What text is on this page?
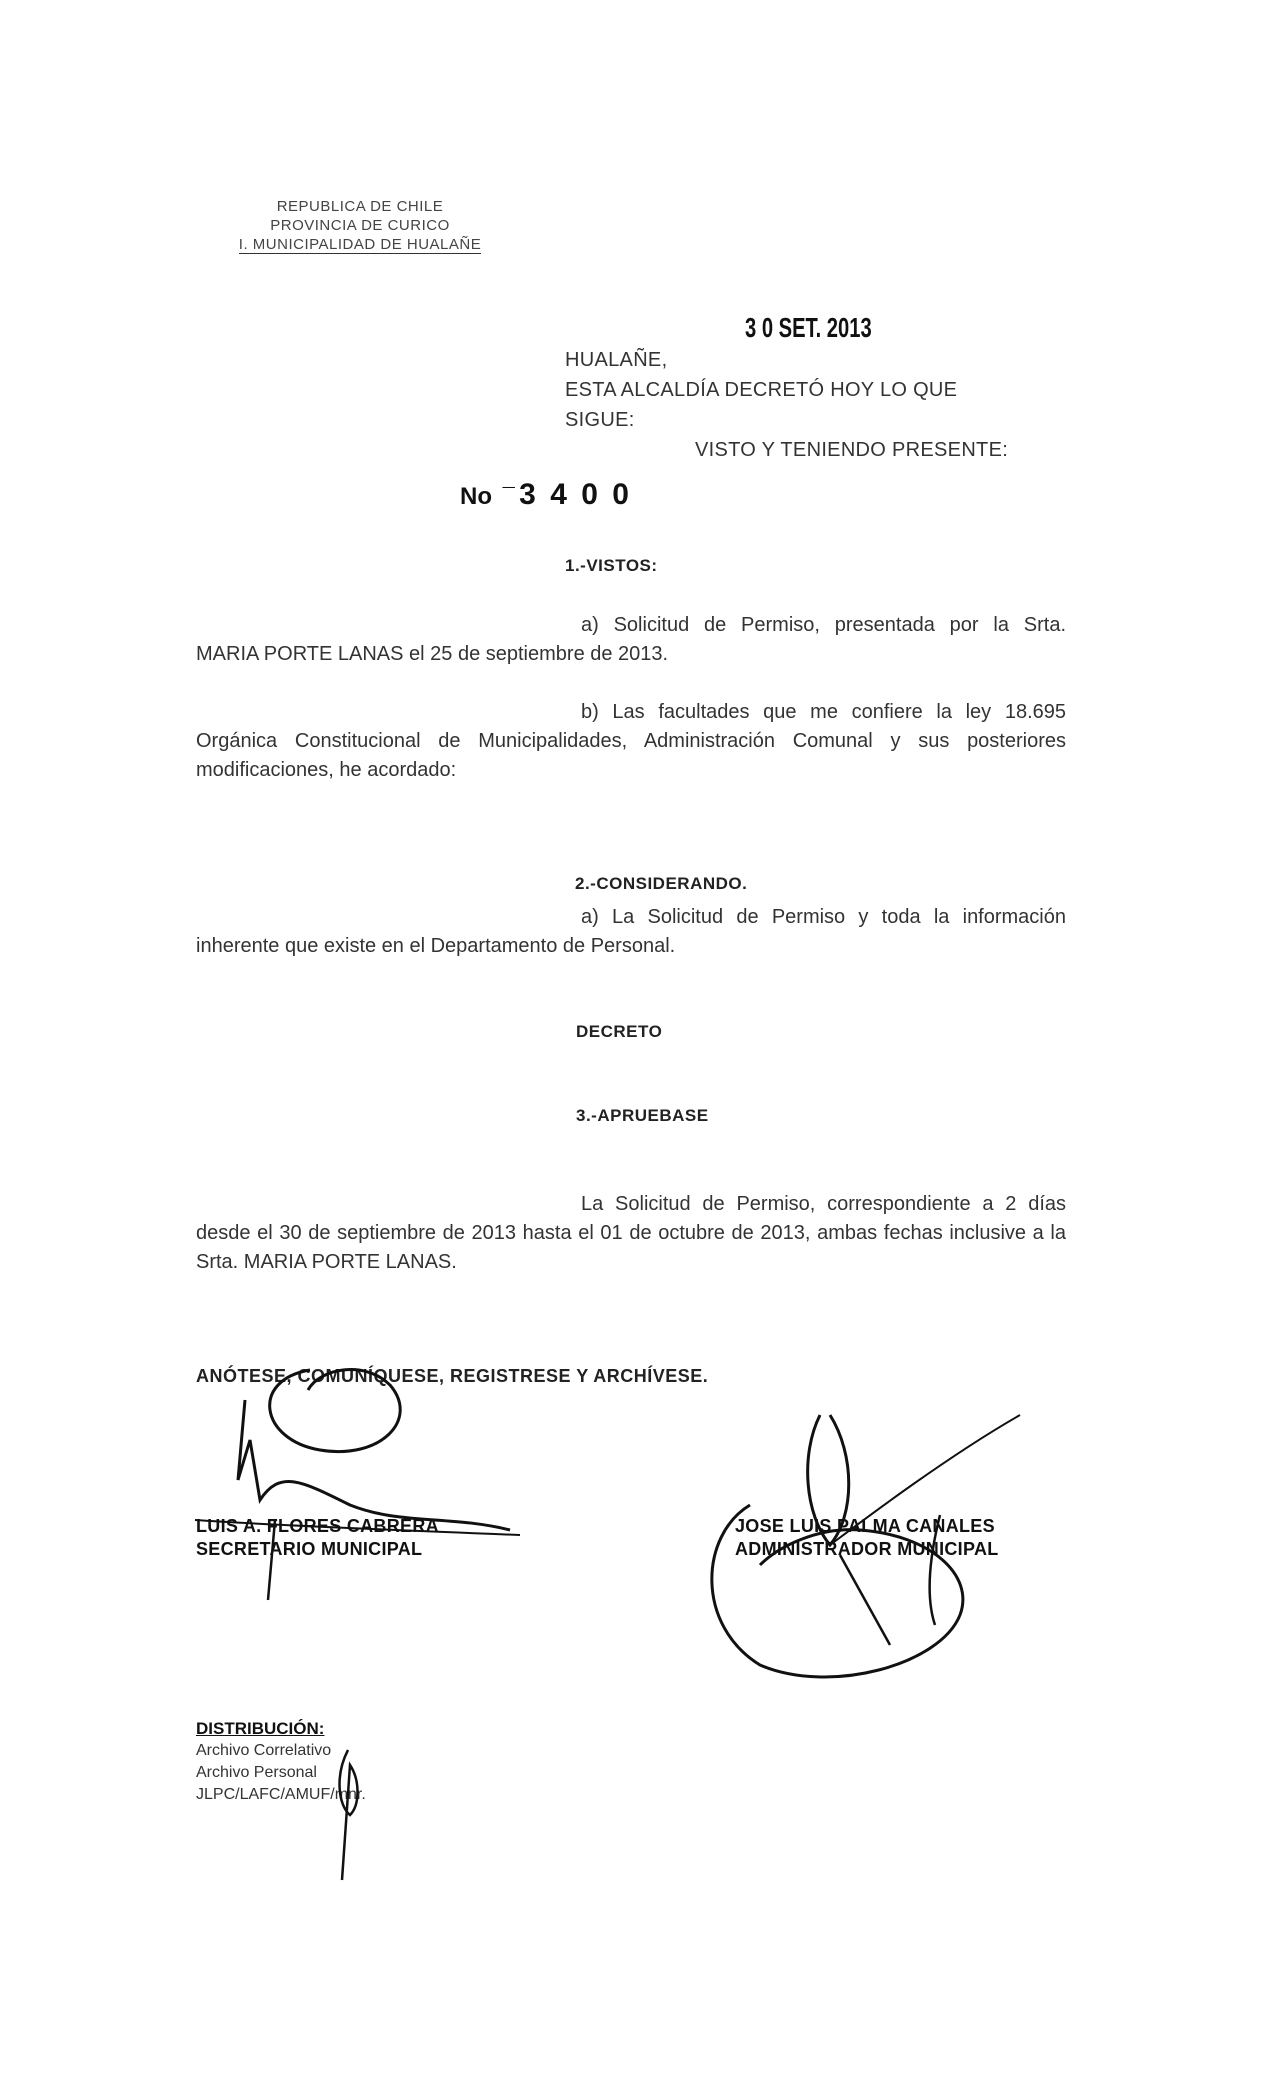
REPUBLICA DE CHILE
PROVINCIA DE CURICO
I. MUNICIPALIDAD DE HUALAÑE
3 0 SET. 2013
HUALAÑE,
ESTA ALCALDÍA DECRETÓ HOY LO QUE
SIGUE:
VISTO Y TENIENDO PRESENTE:
No  ¯ 3 4 0 0
1.-VISTOS:
a) Solicitud de Permiso, presentada por la Srta. MARIA PORTE LANAS el 25 de septiembre de 2013.
b) Las facultades que me confiere la ley 18.695 Orgánica Constitucional de Municipalidades, Administración Comunal y sus posteriores modificaciones, he acordado:
2.-CONSIDERANDO.
a) La Solicitud de Permiso y toda la información inherente que existe en el Departamento de Personal.
DECRETO
3.-APRUEBASE
La Solicitud de Permiso, correspondiente a 2 días desde el 30 de septiembre de 2013 hasta el 01 de octubre de 2013, ambas fechas inclusive a la Srta. MARIA PORTE LANAS.
ANÓTESE, COMUNÍQUESE, REGISTRESE Y ARCHÍVESE.
LUIS A. FLORES CABRERA
SECRETARIO MUNICIPAL
JOSE LUIS PALMA CANALES
ADMINISTRADOR MUNICIPAL
DISTRIBUCIÓN:
Archivo Correlativo
Archivo Personal
JLPC/LAFC/AMUF/mnr.
